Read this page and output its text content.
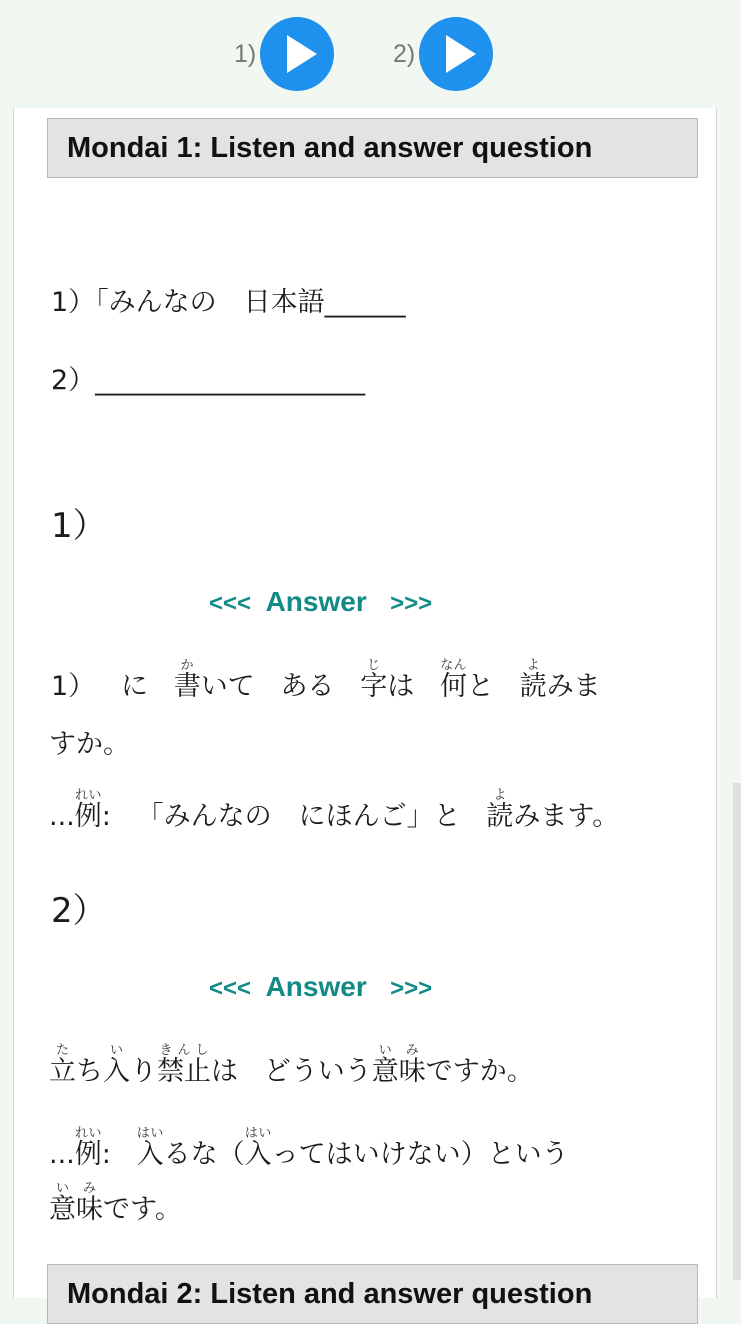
1)	2)
Mondai 1: Listen and answer question
1）「みんなの　日本語______
2）____________________
1）
<<< Answer >>>
1） に 書かいて ある 字じは 何なんと 読よみま
すか。
...例れい: 「みんなの　にほんご」と 読よみます。
2）
<<< Answer >>>
立たち入いり禁止きんしは どういう意味いみですか。
...例れい: 入はいるな（入はいってはいけない）という
意味いみです。
Mondai 2: Listen and answer question
